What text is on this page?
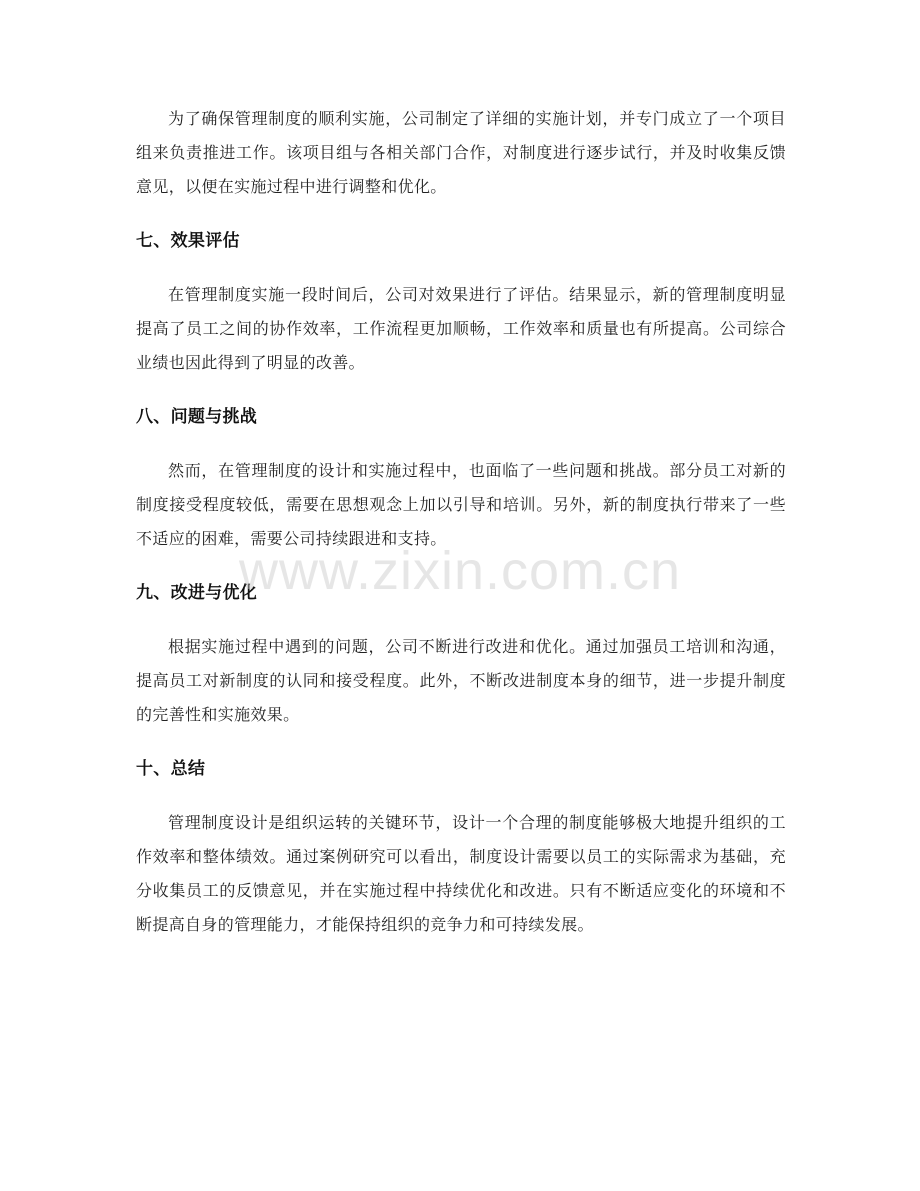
为了确保管理制度的顺利实施，公司制定了详细的实施计划，并专门成立了一个项目组来负责推进工作。该项目组与各相关部门合作，对制度进行逐步试行，并及时收集反馈意见，以便在实施过程中进行调整和优化。

七、效果评估

在管理制度实施一段时间后，公司对效果进行了评估。结果显示，新的管理制度明显提高了员工之间的协作效率，工作流程更加顺畅，工作效率和质量也有所提高。公司综合业绩也因此得到了明显的改善。

八、问题与挑战

然而，在管理制度的设计和实施过程中，也面临了一些问题和挑战。部分员工对新的制度接受程度较低，需要在思想观念上加以引导和培训。另外，新的制度执行带来了一些不适应的困难，需要公司持续跟进和支持。

九、改进与优化

根据实施过程中遇到的问题，公司不断进行改进和优化。通过加强员工培训和沟通，提高员工对新制度的认同和接受程度。此外，不断改进制度本身的细节，进一步提升制度的完善性和实施效果。

十、总结

管理制度设计是组织运转的关键环节，设计一个合理的制度能够极大地提升组织的工作效率和整体绩效。通过案例研究可以看出，制度设计需要以员工的实际需求为基础，充分收集员工的反馈意见，并在实施过程中持续优化和改进。只有不断适应变化的环境和不断提高自身的管理能力，才能保持组织的竞争力和可持续发展。

www.zixin.com.cn
